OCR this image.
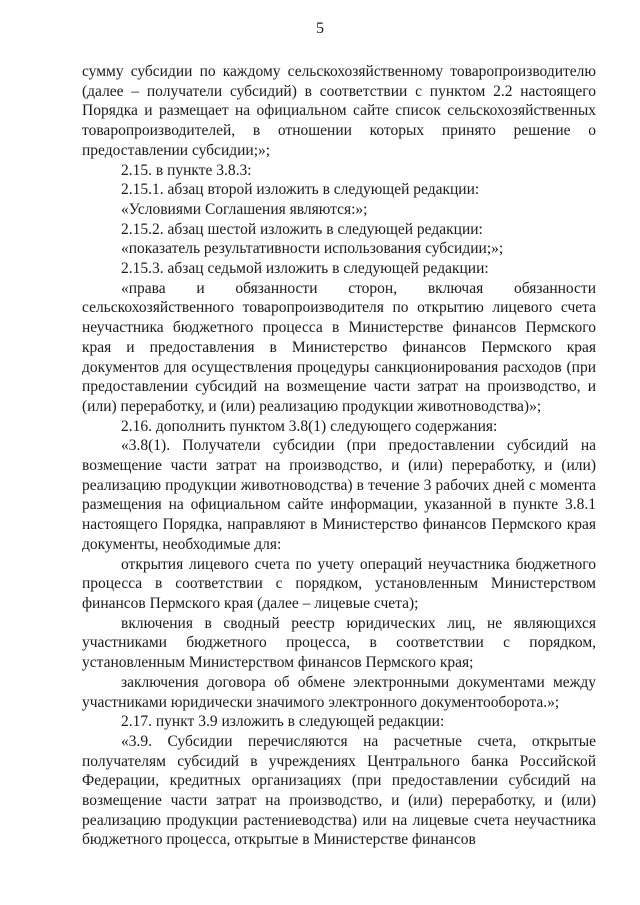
5

сумму субсидии по каждому сельскохозяйственному товаропроизводителю (далее – получатели субсидий) в соответствии с пунктом 2.2 настоящего Порядка и размещает на официальном сайте список сельскохозяйственных товаропроизводителей, в отношении которых принято решение о предоставлении субсидии;»;

2.15. в пункте 3.8.3:

2.15.1. абзац второй изложить в следующей редакции:

«Условиями Соглашения являются:»;

2.15.2. абзац шестой изложить в следующей редакции:

«показатель результативности использования субсидии;»;

2.15.3. абзац седьмой изложить в следующей редакции:

«права и обязанности сторон, включая обязанности сельскохозяйственного товаропроизводителя по открытию лицевого счета неучастника бюджетного процесса в Министерстве финансов Пермского края и предоставления в Министерство финансов Пермского края документов для осуществления процедуры санкционирования расходов (при предоставлении субсидий на возмещение части затрат на производство, и (или) переработку, и (или) реализацию продукции животноводства)»;

2.16. дополнить пунктом 3.8(1) следующего содержания:

«3.8(1). Получатели субсидии (при предоставлении субсидий на возмещение части затрат на производство, и (или) переработку, и (или) реализацию продукции животноводства) в течение 3 рабочих дней с момента размещения на официальном сайте информации, указанной в пункте 3.8.1 настоящего Порядка, направляют в Министерство финансов Пермского края документы, необходимые для:

открытия лицевого счета по учету операций неучастника бюджетного процесса в соответствии с порядком, установленным Министерством финансов Пермского края (далее – лицевые счета);

включения в сводный реестр юридических лиц, не являющихся участниками бюджетного процесса, в соответствии с порядком, установленным Министерством финансов Пермского края;

заключения договора об обмене электронными документами между участниками юридически значимого электронного документооборота.»;

2.17. пункт 3.9 изложить в следующей редакции:

«3.9. Субсидии перечисляются на расчетные счета, открытые получателям субсидий в учреждениях Центрального банка Российской Федерации, кредитных организациях (при предоставлении субсидий на возмещение части затрат на производство, и (или) переработку, и (или) реализацию продукции растениеводства) или на лицевые счета неучастника бюджетного процесса, открытые в Министерстве финансов
